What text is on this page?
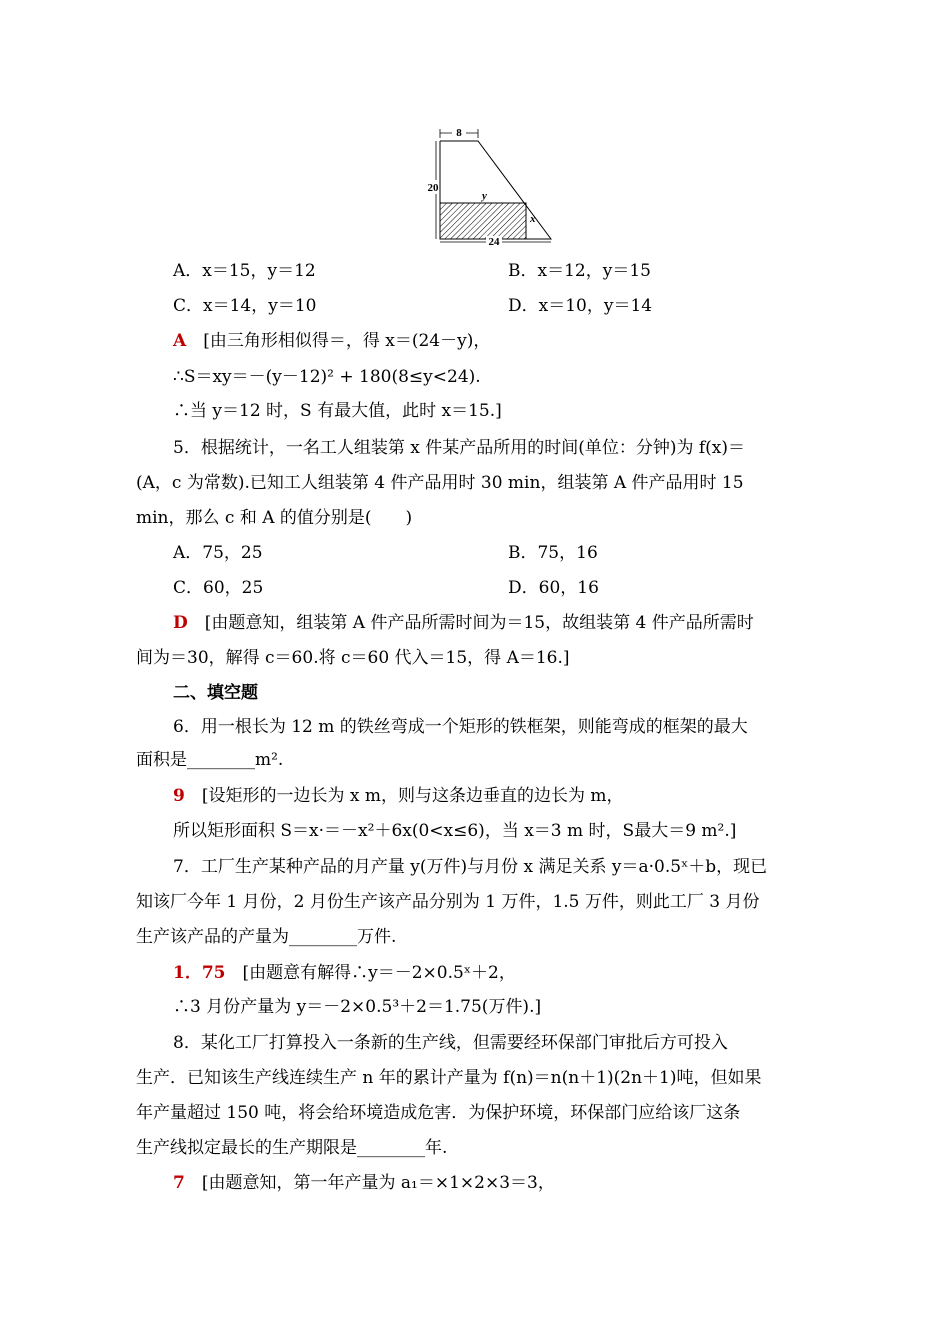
8
20
y
x
24
A．x＝15，y＝12	B．x＝12，y＝15
C．x＝14，y＝10	D．x＝10，y＝14
A　 [由三角形相似得＝，得 x＝(24－y)，
∴S＝xy＝－(y－12)² + 180(8≤y<24).
∴当 y＝12 时，S 有最大值，此时 x＝15.]
5．根据统计，一名工人组装第 x 件某产品所用的时间(单位：分钟)为 f(x)＝
(A，c 为常数).已知工人组装第 4 件产品用时 30 min，组装第 A 件产品用时 15
min，那么 c 和 A 的值分别是(　　)
A．75，25	B．75，16
C．60，25	D．60，16
D　 [由题意知，组装第 A 件产品所需时间为＝15，故组装第 4 件产品所需时
间为＝30，解得 c＝60.将 c＝60 代入＝15，得 A＝16.]
二、填空题
6．用一根长为 12 m 的铁丝弯成一个矩形的铁框架，则能弯成的框架的最大
面积是________m².
9　 [设矩形的一边长为 x m，则与这条边垂直的边长为 m，
所以矩形面积 S＝x·＝－x²＋6x(0<x≤6)，当 x＝3 m 时，S最大＝9 m².]
7．工厂生产某种产品的月产量 y(万件)与月份 x 满足关系 y＝a·0.5ˣ＋b，现已
知该厂今年 1 月份，2 月份生产该产品分别为 1 万件，1.5 万件，则此工厂 3 月份
生产该产品的产量为________万件.
1．75　 [由题意有解得∴y＝－2×0.5ˣ＋2，
∴3 月份产量为 y＝－2×0.5³＋2＝1.75(万件).]
8．某化工厂打算投入一条新的生产线，但需要经环保部门审批后方可投入
生产．已知该生产线连续生产 n 年的累计产量为 f(n)＝n(n＋1)(2n＋1)吨，但如果
年产量超过 150 吨，将会给环境造成危害．为保护环境，环保部门应给该厂这条
生产线拟定最长的生产期限是________年.
7　 [由题意知，第一年产量为 a₁＝×1×2×3＝3，
